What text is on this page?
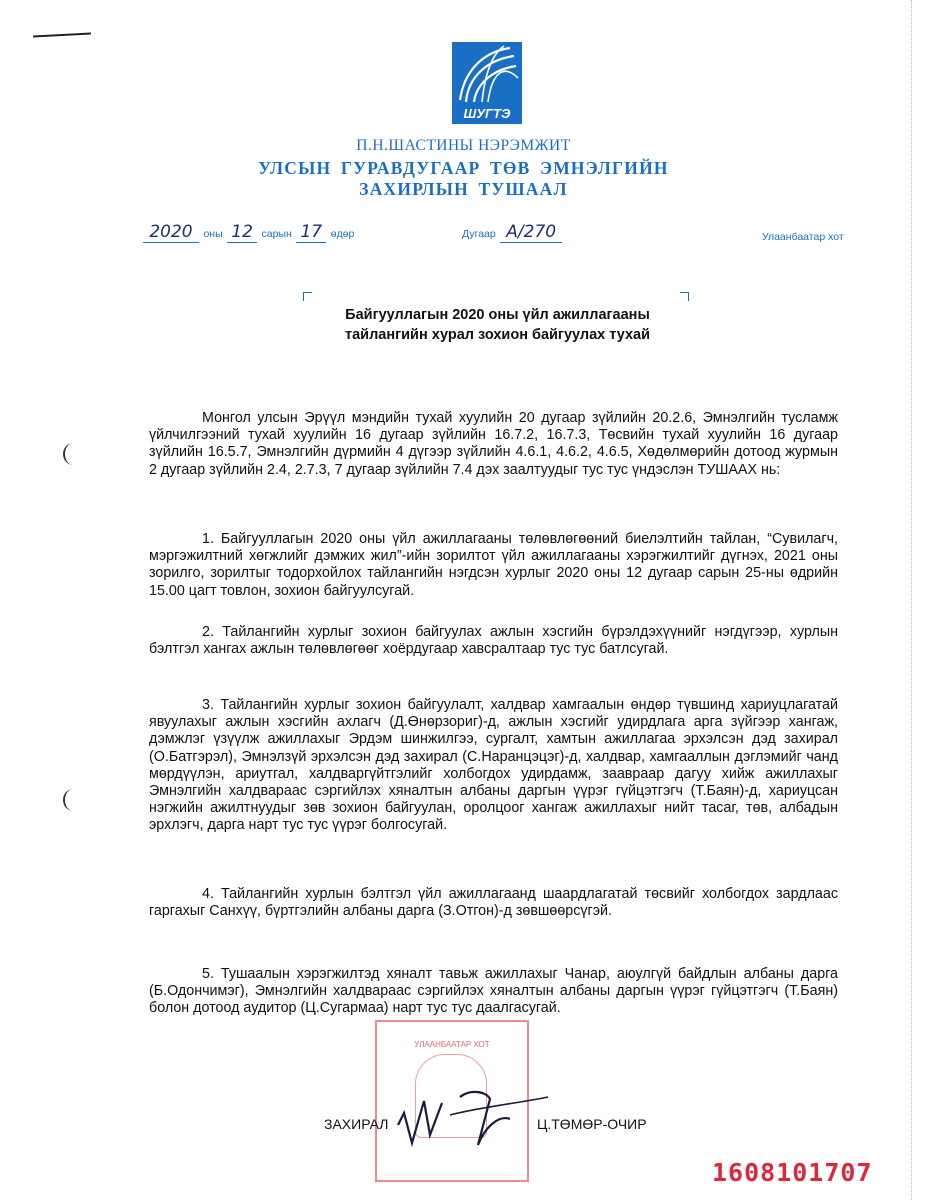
ШУГТЭ
П.Н.ШАСТИНЫ НЭРЭМЖИТ
УЛСЫН ГУРАВДУГААР ТӨВ ЭМНЭЛГИЙН
ЗАХИРЛЫН ТУШААЛ
2020 оны 12 сарын 17 өдөр	Дугаар А/270	Улаанбаатар хот
Байгууллагын 2020 оны үйл ажиллагааны
тайлангийн хурал зохион байгуулах тухай

Монгол улсын Эрүүл мэндийн тухай хуулийн 20 дугаар зүйлийн 20.2.6, Эмнэлгийн тусламж үйлчилгээний тухай хуулийн 16 дугаар зүйлийн 16.7.2, 16.7.3, Төсвийн тухай хуулийн 16 дугаар зүйлийн 16.5.7, Эмнэлгийн дүрмийн 4 дүгээр зүйлийн 4.6.1, 4.6.2, 4.6.5, Хөдөлмөрийн дотоод журмын 2 дугаар зүйлийн 2.4, 2.7.3, 7 дугаар зүйлийн 7.4 дэх заалтуудыг тус тус үндэслэн ТУШААХ нь:

1. Байгууллагын 2020 оны үйл ажиллагааны төлөвлөгөөний биелэлтийн тайлан, “Сувилагч, мэргэжилтний хөгжлийг дэмжих жил”-ийн зорилтот үйл ажиллагааны хэрэгжилтийг дүгнэх, 2021 оны зорилго, зорилтыг тодорхойлох тайлангийн нэгдсэн хурлыг 2020 оны 12 дугаар сарын 25-ны өдрийн 15.00 цагт товлон, зохион байгуулсугай.

2. Тайлангийн хурлыг зохион байгуулах ажлын хэсгийн бүрэлдэхүүнийг нэгдүгээр, хурлын бэлтгэл хангах ажлын төлөвлөгөөг хоёрдугаар хавсралтаар тус тус батлсугай.

3. Тайлангийн хурлыг зохион байгуулалт, халдвар хамгаалын өндөр түвшинд хариуцлагатай явуулахыг ажлын хэсгийн ахлагч (Д.Өнөрзориг)-д, ажлын хэсгийг удирдлага арга зүйгээр хангаж, дэмжлэг үзүүлж ажиллахыг Эрдэм шинжилгээ, сургалт, хамтын ажиллагаа эрхэлсэн дэд захирал (О.Батгэрэл), Эмнэлзүй эрхэлсэн дэд захирал (С.Наранцэцэг)-д, халдвар, хамгааллын дэглэмийг чанд мөрдүүлэн, ариутгал, халдваргүйтгэлийг холбогдох удирдамж, заавраар дагуу хийж ажиллахыг Эмнэлгийн халдвараас сэргийлэх хяналтын албаны даргын үүрэг гүйцэтгэгч (Т.Баян)-д, хариуцсан нэгжийн ажилтнуудыг зөв зохион байгуулан, оролцоог хангаж ажиллахыг нийт тасаг, төв, албадын эрхлэгч, дарга нарт тус тус үүрэг болгосугай.

4. Тайлангийн хурлын бэлтгэл үйл ажиллагаанд шаардлагатай төсвийг холбогдох зардлаас гаргахыг Санхүү, бүртгэлийн албаны дарга (З.Отгон)-д зөвшөөрсүгэй.

5. Тушаалын хэрэгжилтэд хяналт тавьж ажиллахыг Чанар, аюулгүй байдлын албаны дарга (Б.Одончимэг), Эмнэлгийн халдвараас сэргийлэх хяналтын албаны даргын үүрэг гүйцэтгэгч (Т.Баян) болон дотоод аудитор (Ц.Сугармаа) нарт тус тус даалгасугай.

УЛААНБААТАР ХОТ
ЗАХИРАЛ	Ц.ТӨМӨР-ОЧИР
1608101707
